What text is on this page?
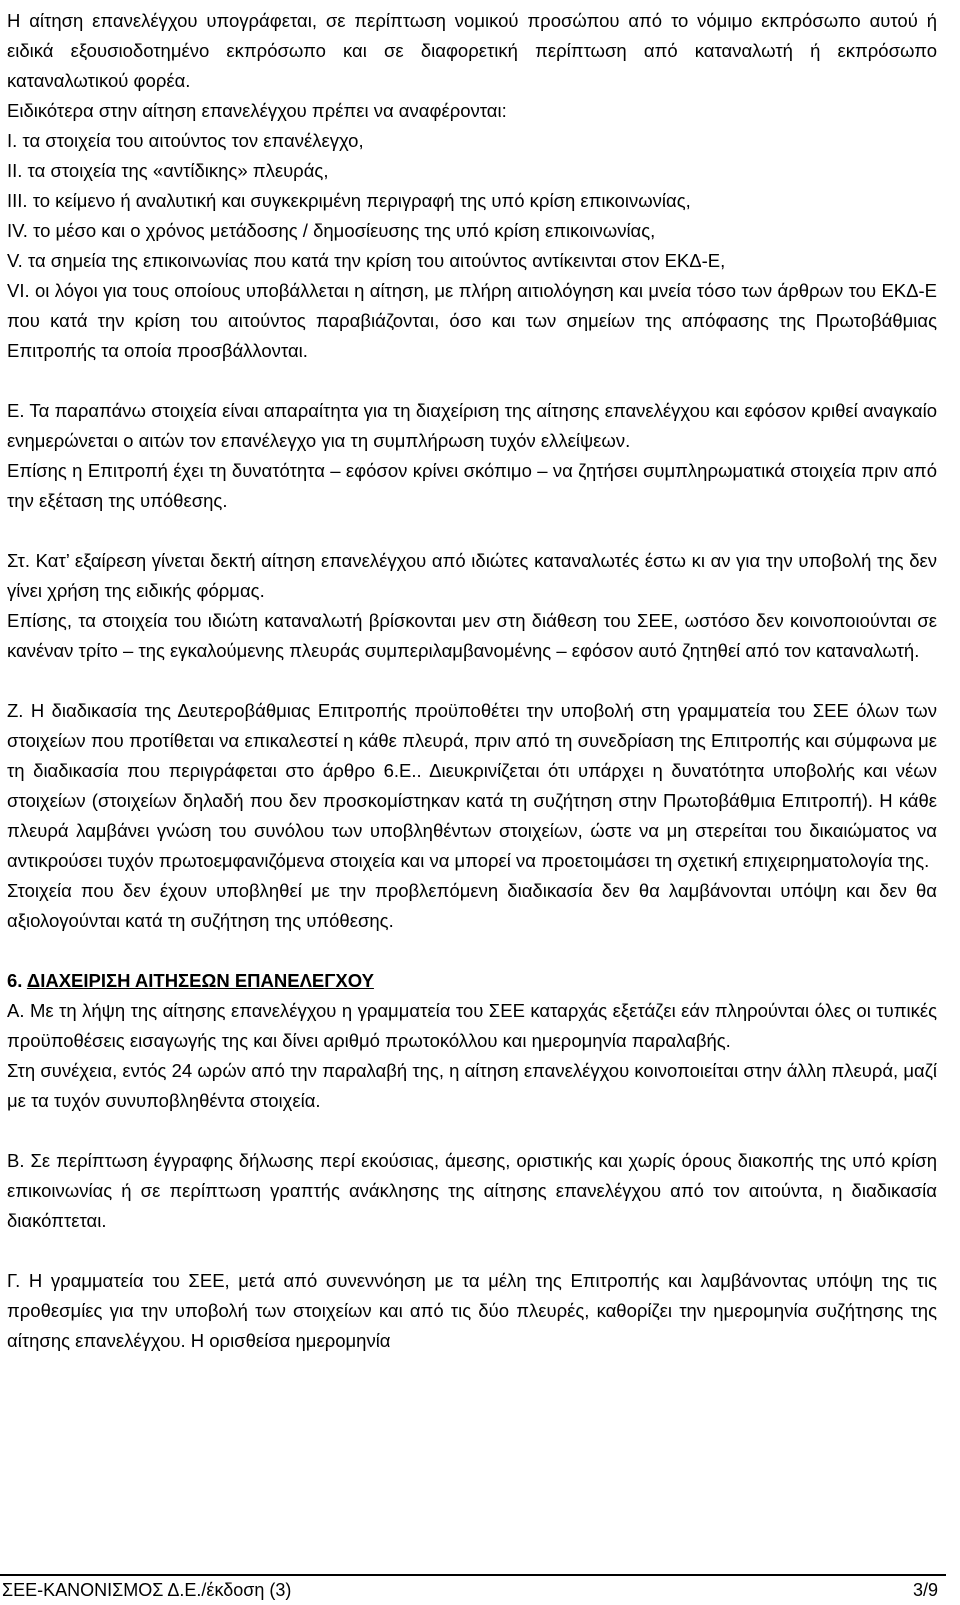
Η αίτηση επανελέγχου υπογράφεται, σε περίπτωση νομικού προσώπου από το νόμιμο εκπρόσωπο αυτού ή ειδικά εξουσιοδοτημένο εκπρόσωπο και σε διαφορετική περίπτωση από καταναλωτή ή εκπρόσωπο καταναλωτικού φορέα.

Ειδικότερα στην αίτηση επανελέγχου πρέπει να αναφέρονται:

I. τα στοιχεία του αιτούντος τον επανέλεγχο,

II. τα στοιχεία της «αντίδικης» πλευράς,

III. το κείμενο ή αναλυτική και συγκεκριμένη περιγραφή της υπό κρίση επικοινωνίας,

IV. το μέσο και ο χρόνος μετάδοσης / δημοσίευσης της υπό κρίση επικοινωνίας,

V. τα σημεία της επικοινωνίας που κατά την κρίση του αιτούντος αντίκεινται στον ΕΚΔ-Ε,

VI. οι λόγοι για τους οποίους υποβάλλεται η αίτηση, με πλήρη αιτιολόγηση και μνεία τόσο των άρθρων του ΕΚΔ-Ε που κατά την κρίση του αιτούντος παραβιάζονται, όσο και των σημείων της απόφασης της Πρωτοβάθμιας Επιτροπής τα οποία προσβάλλονται.

Ε. Τα παραπάνω στοιχεία είναι απαραίτητα για τη διαχείριση της αίτησης επανελέγχου και εφόσον κριθεί αναγκαίο ενημερώνεται ο αιτών τον επανέλεγχο για τη συμπλήρωση τυχόν ελλείψεων.

Επίσης η Επιτροπή έχει τη δυνατότητα – εφόσον κρίνει σκόπιμο – να ζητήσει συμπληρωματικά στοιχεία πριν από την εξέταση της υπόθεσης.

Στ. Κατ’ εξαίρεση γίνεται δεκτή αίτηση επανελέγχου από ιδιώτες καταναλωτές έστω κι αν για την υποβολή της δεν γίνει χρήση της ειδικής φόρμας.

Επίσης, τα στοιχεία του ιδιώτη καταναλωτή βρίσκονται μεν στη διάθεση του ΣΕΕ, ωστόσο δεν κοινοποιούνται σε κανέναν τρίτο – της εγκαλούμενης πλευράς συμπεριλαμβανομένης – εφόσον αυτό ζητηθεί από τον καταναλωτή.

Ζ. Η διαδικασία της Δευτεροβάθμιας Επιτροπής προϋποθέτει την υποβολή στη γραμματεία του ΣΕΕ όλων των στοιχείων που προτίθεται να επικαλεστεί η κάθε πλευρά, πριν από τη συνεδρίαση της Επιτροπής και σύμφωνα με τη διαδικασία που περιγράφεται στο άρθρο 6.Ε.. Διευκρινίζεται ότι υπάρχει η δυνατότητα υποβολής και νέων στοιχείων (στοιχείων δηλαδή που δεν προσκομίστηκαν κατά τη συζήτηση στην Πρωτοβάθμια Επιτροπή). Η κάθε πλευρά λαμβάνει γνώση του συνόλου των υποβληθέντων στοιχείων, ώστε να μη στερείται του δικαιώματος να αντικρούσει τυχόν πρωτοεμφανιζόμενα στοιχεία και να μπορεί να προετοιμάσει τη σχετική επιχειρηματολογία της.

Στοιχεία που δεν έχουν υποβληθεί με την προβλεπόμενη διαδικασία δεν θα λαμβάνονται υπόψη και δεν θα αξιολογούνται κατά τη συζήτηση της υπόθεσης.

6. ΔΙΑΧΕΙΡΙΣΗ ΑΙΤΗΣΕΩΝ ΕΠΑΝΕΛΕΓΧΟΥ

Α. Με τη λήψη της αίτησης επανελέγχου η γραμματεία του ΣΕΕ καταρχάς εξετάζει εάν πληρούνται όλες οι τυπικές προϋποθέσεις εισαγωγής της και δίνει αριθμό πρωτοκόλλου και ημερομηνία παραλαβής.

Στη συνέχεια, εντός 24 ωρών από την παραλαβή της, η αίτηση επανελέγχου κοινοποιείται στην άλλη πλευρά, μαζί με τα τυχόν συνυποβληθέντα στοιχεία.

Β. Σε περίπτωση έγγραφης δήλωσης περί εκούσιας, άμεσης, οριστικής και χωρίς όρους διακοπής της υπό κρίση επικοινωνίας ή σε περίπτωση γραπτής ανάκλησης της αίτησης επανελέγχου από τον αιτούντα, η διαδικασία διακόπτεται.

Γ. Η γραμματεία του ΣΕΕ, μετά από συνεννόηση με τα μέλη της Επιτροπής και λαμβάνοντας υπόψη της τις προθεσμίες για την υποβολή των στοιχείων και από τις δύο πλευρές, καθορίζει την ημερομηνία συζήτησης της αίτησης επανελέγχου. Η ορισθείσα ημερομηνία

ΣΕΕ-ΚΑΝΟΝΙΣΜΟΣ Δ.Ε./έκδοση (3)	3/9
